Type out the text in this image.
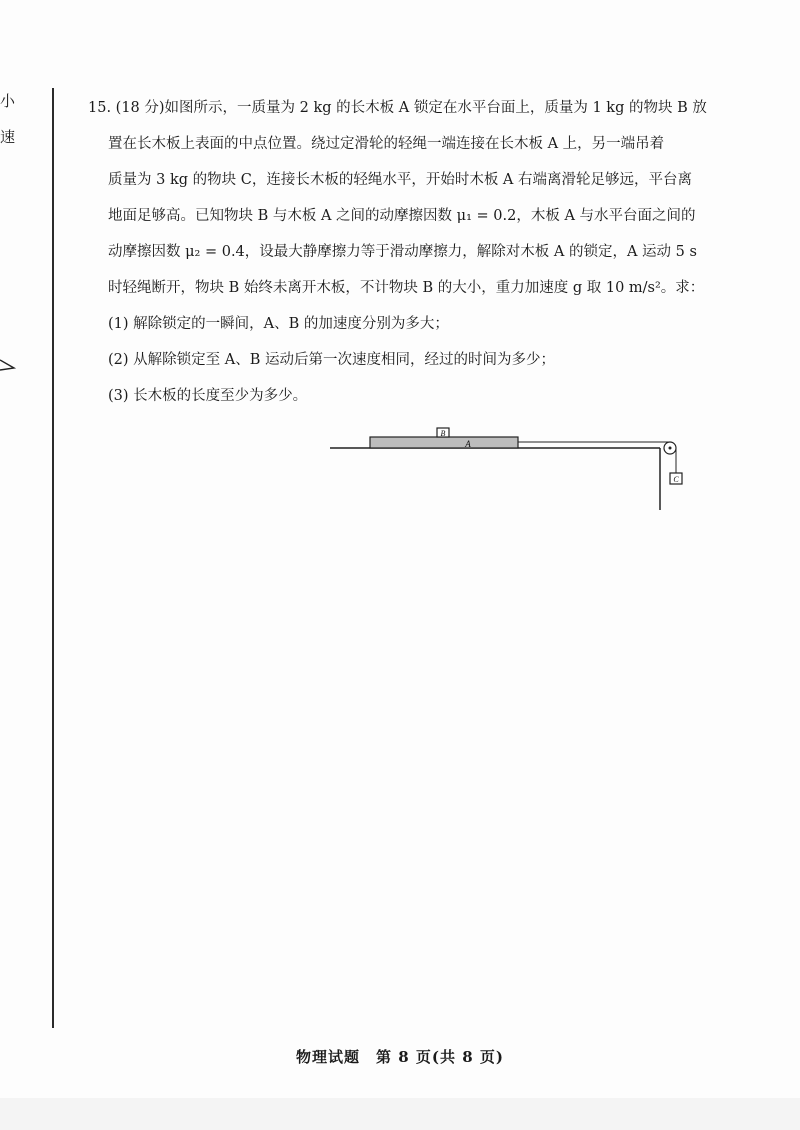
小
速
15. (18 分)如图所示，一质量为 2 kg 的长木板 A 锁定在水平台面上，质量为 1 kg 的物块 B 放
置在长木板上表面的中点位置。绕过定滑轮的轻绳一端连接在长木板 A 上，另一端吊着
质量为 3 kg 的物块 C，连接长木板的轻绳水平，开始时木板 A 右端离滑轮足够远，平台离
地面足够高。已知物块 B 与木板 A 之间的动摩擦因数 μ₁ = 0.2，木板 A 与水平台面之间的
动摩擦因数 μ₂ = 0.4，设最大静摩擦力等于滑动摩擦力，解除对木板 A 的锁定，A 运动 5 s
时轻绳断开，物块 B 始终未离开木板，不计物块 B 的大小，重力加速度 g 取 10 m/s²。求：
(1) 解除锁定的一瞬间，A、B 的加速度分别为多大；
(2) 从解除锁定至 A、B 运动后第一次速度相同，经过的时间为多少；
(3) 长木板的长度至少为多少。
A
B
C
物理试题　第 8 页(共 8 页)
